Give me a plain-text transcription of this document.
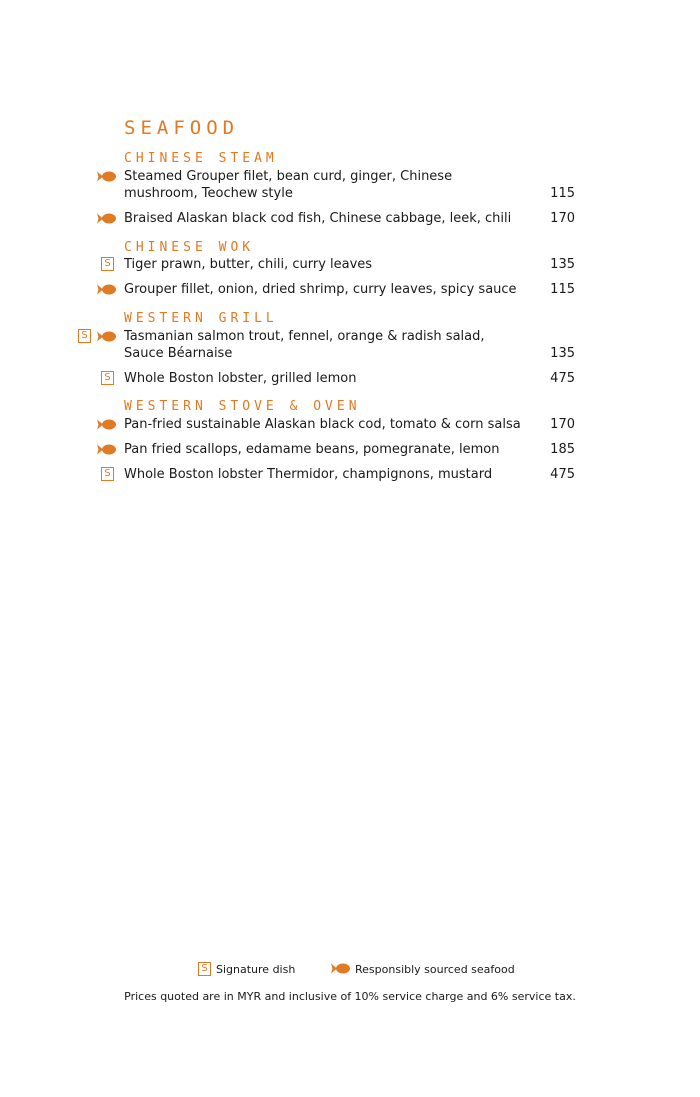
SEAFOOD
CHINESE STEAM
Steamed Grouper filet, bean curd, ginger, Chinese mushroom, Teochew style	115
Braised Alaskan black cod fish, Chinese cabbage, leek, chili	170
CHINESE WOK
S Tiger prawn, butter, chili, curry leaves	135
Grouper fillet, onion, dried shrimp, curry leaves, spicy sauce	115
WESTERN GRILL
S	Tasmanian salmon trout, fennel, orange & radish salad, Sauce Béarnaise	135
S Whole Boston lobster, grilled lemon	475
WESTERN STOVE & OVEN
Pan-fried sustainable Alaskan black cod, tomato & corn salsa	170
Pan fried scallops, edamame beans, pomegranate, lemon	185
S Whole Boston lobster Thermidor, champignons, mustard	475
S Signature dish	Responsibly sourced seafood
Prices quoted are in MYR and inclusive of 10% service charge and 6% service tax.
